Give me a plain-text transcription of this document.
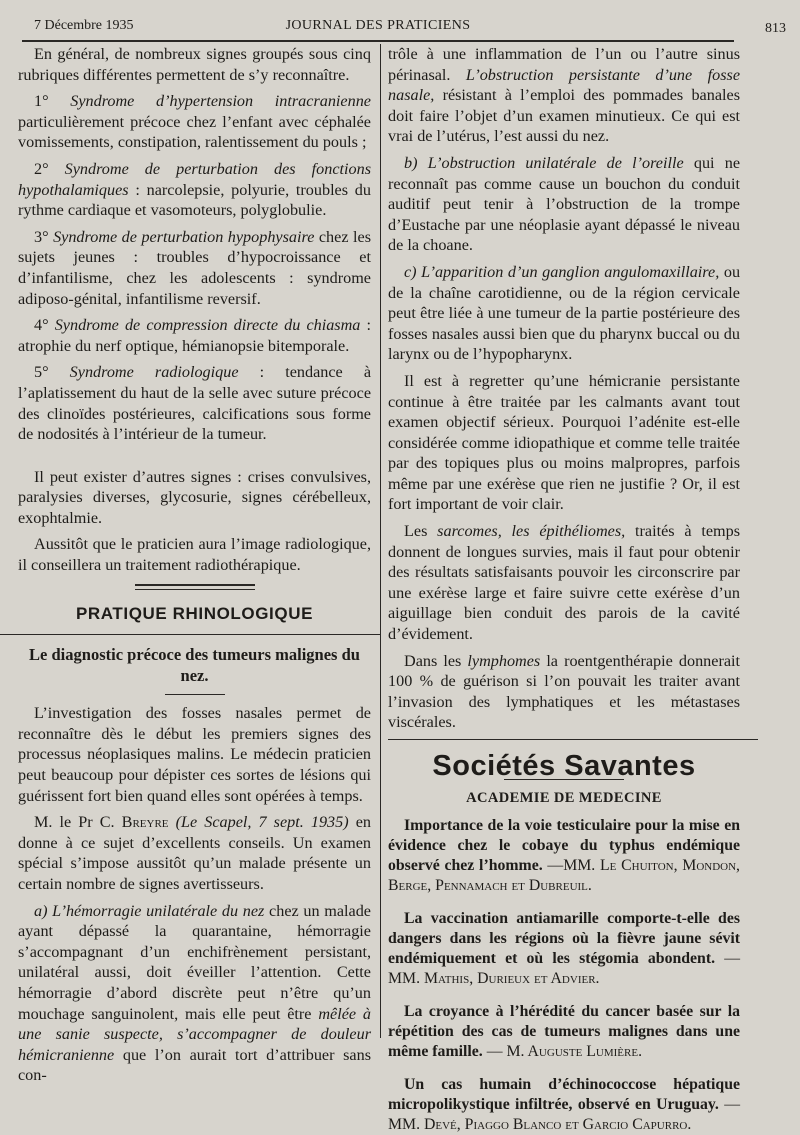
7 Décembre 1935	JOURNAL DES PRATICIENS	813

En général, de nombreux signes groupés sous cinq rubriques différentes permettent de s’y reconnaître.

1° Syndrome d’hypertension intracranienne particulièrement précoce chez l’enfant avec céphalée vomissements, constipation, ralentissement du pouls ;

2° Syndrome de perturbation des fonctions hypothalamiques : narcolepsie, polyurie, troubles du rythme cardiaque et vasomoteurs, polyglobulie.

3° Syndrome de perturbation hypophysaire chez les sujets jeunes : troubles d’hypocroissance et d’infantilisme, chez les adolescents : syndrome adiposo-génital, infantilisme reversif.

4° Syndrome de compression directe du chiasma : atrophie du nerf optique, hémianopsie bitemporale.

5° Syndrome radiologique : tendance à l’aplatissement du haut de la selle avec suture précoce des clinoïdes postérieures, calcifications sous forme de nodosités à l’intérieur de la tumeur.

Il peut exister d’autres signes : crises convulsives, paralysies diverses, glycosurie, signes cérébelleux, exophtalmie.

Aussitôt que le praticien aura l’image radiologique, il conseillera un traitement radiothérapique.

PRATIQUE RHINOLOGIQUE
Le diagnostic précoce des tumeurs malignes du nez.

L’investigation des fosses nasales permet de reconnaître dès le début les premiers signes des processus néoplasiques malins. Le médecin praticien peut beaucoup pour dépister ces sortes de lésions qui guérissent fort bien quand elles sont opérées à temps.

M. le Pr C. Breyre (Le Scapel, 7 sept. 1935) en donne à ce sujet d’excellents conseils. Un examen spécial s’impose aussitôt qu’un malade présente un certain nombre de signes avertisseurs.

a) L’hémorragie unilatérale du nez chez un malade ayant dépassé la quarantaine, hémorragie s’accompagnant d’un enchifrènement persistant, unilatéral aussi, doit éveiller l’attention. Cette hémorragie d’abord discrète peut n’être qu’un mouchage sanguinolent, mais elle peut être mêlée à une sanie suspecte, s’accompagner de douleur hémicranienne que l’on aurait tort d’attribuer sans con-

trôle à une inflammation de l’un ou l’autre sinus périnasal. L’obstruction persistante d’une fosse nasale, résistant à l’emploi des pommades banales doit faire l’objet d’un examen minutieux. Ce qui est vrai de l’utérus, l’est aussi du nez.

b) L’obstruction unilatérale de l’oreille qui ne reconnaît pas comme cause un bouchon du conduit auditif peut tenir à l’obstruction de la trompe d’Eustache par une néoplasie ayant dépassé le niveau de la choane.

c) L’apparition d’un ganglion angulomaxillaire, ou de la chaîne carotidienne, ou de la région cervicale peut être liée à une tumeur de la partie postérieure des fosses nasales aussi bien que du pharynx buccal ou du larynx ou de l’hypopharynx.

Il est à regretter qu’une hémicranie persistante continue à être traitée par les calmants avant tout examen objectif sérieux. Pourquoi l’adénite est-elle considérée comme idiopathique et comme telle traitée par des topiques plus ou moins malpropres, parfois même par une exérèse que rien ne justifie ? Or, il est fort important de voir clair.

Les sarcomes, les épithéliomes, traités à temps donnent de longues survies, mais il faut pour obtenir des résultats satisfaisants pouvoir les circonscrire par une exérèse large et faire suivre cette exérèse d’un aiguillage bien conduit des parois de la cavité d’évidement.

Dans les lymphomes la roentgenthérapie donnerait 100 % de guérison si l’on pouvait les traiter avant l’invasion des lymphatiques et les métastases viscérales.

Sociétés Savantes
ACADEMIE DE MEDECINE

Importance de la voie testiculaire pour la mise en évidence chez le cobaye du typhus endémique observé chez l’homme. —MM. Le Chuiton, Mondon, Berge, Pennamach et Dubreuil.

La vaccination antiamarille comporte-t-elle des dangers dans les régions où la fièvre jaune sévit endémiquement et où les stégomia abondent. — MM. Mathis, Durieux et Advier.

La croyance à l’hérédité du cancer basée sur la répétition des cas de tumeurs malignes dans une même famille. — M. Auguste Lumière.

Un cas humain d’échinococcose hépatique micropolikystique infiltrée, observé en Uruguay. — MM. Devé, Piaggo Blanco et Garcio Capurro.
